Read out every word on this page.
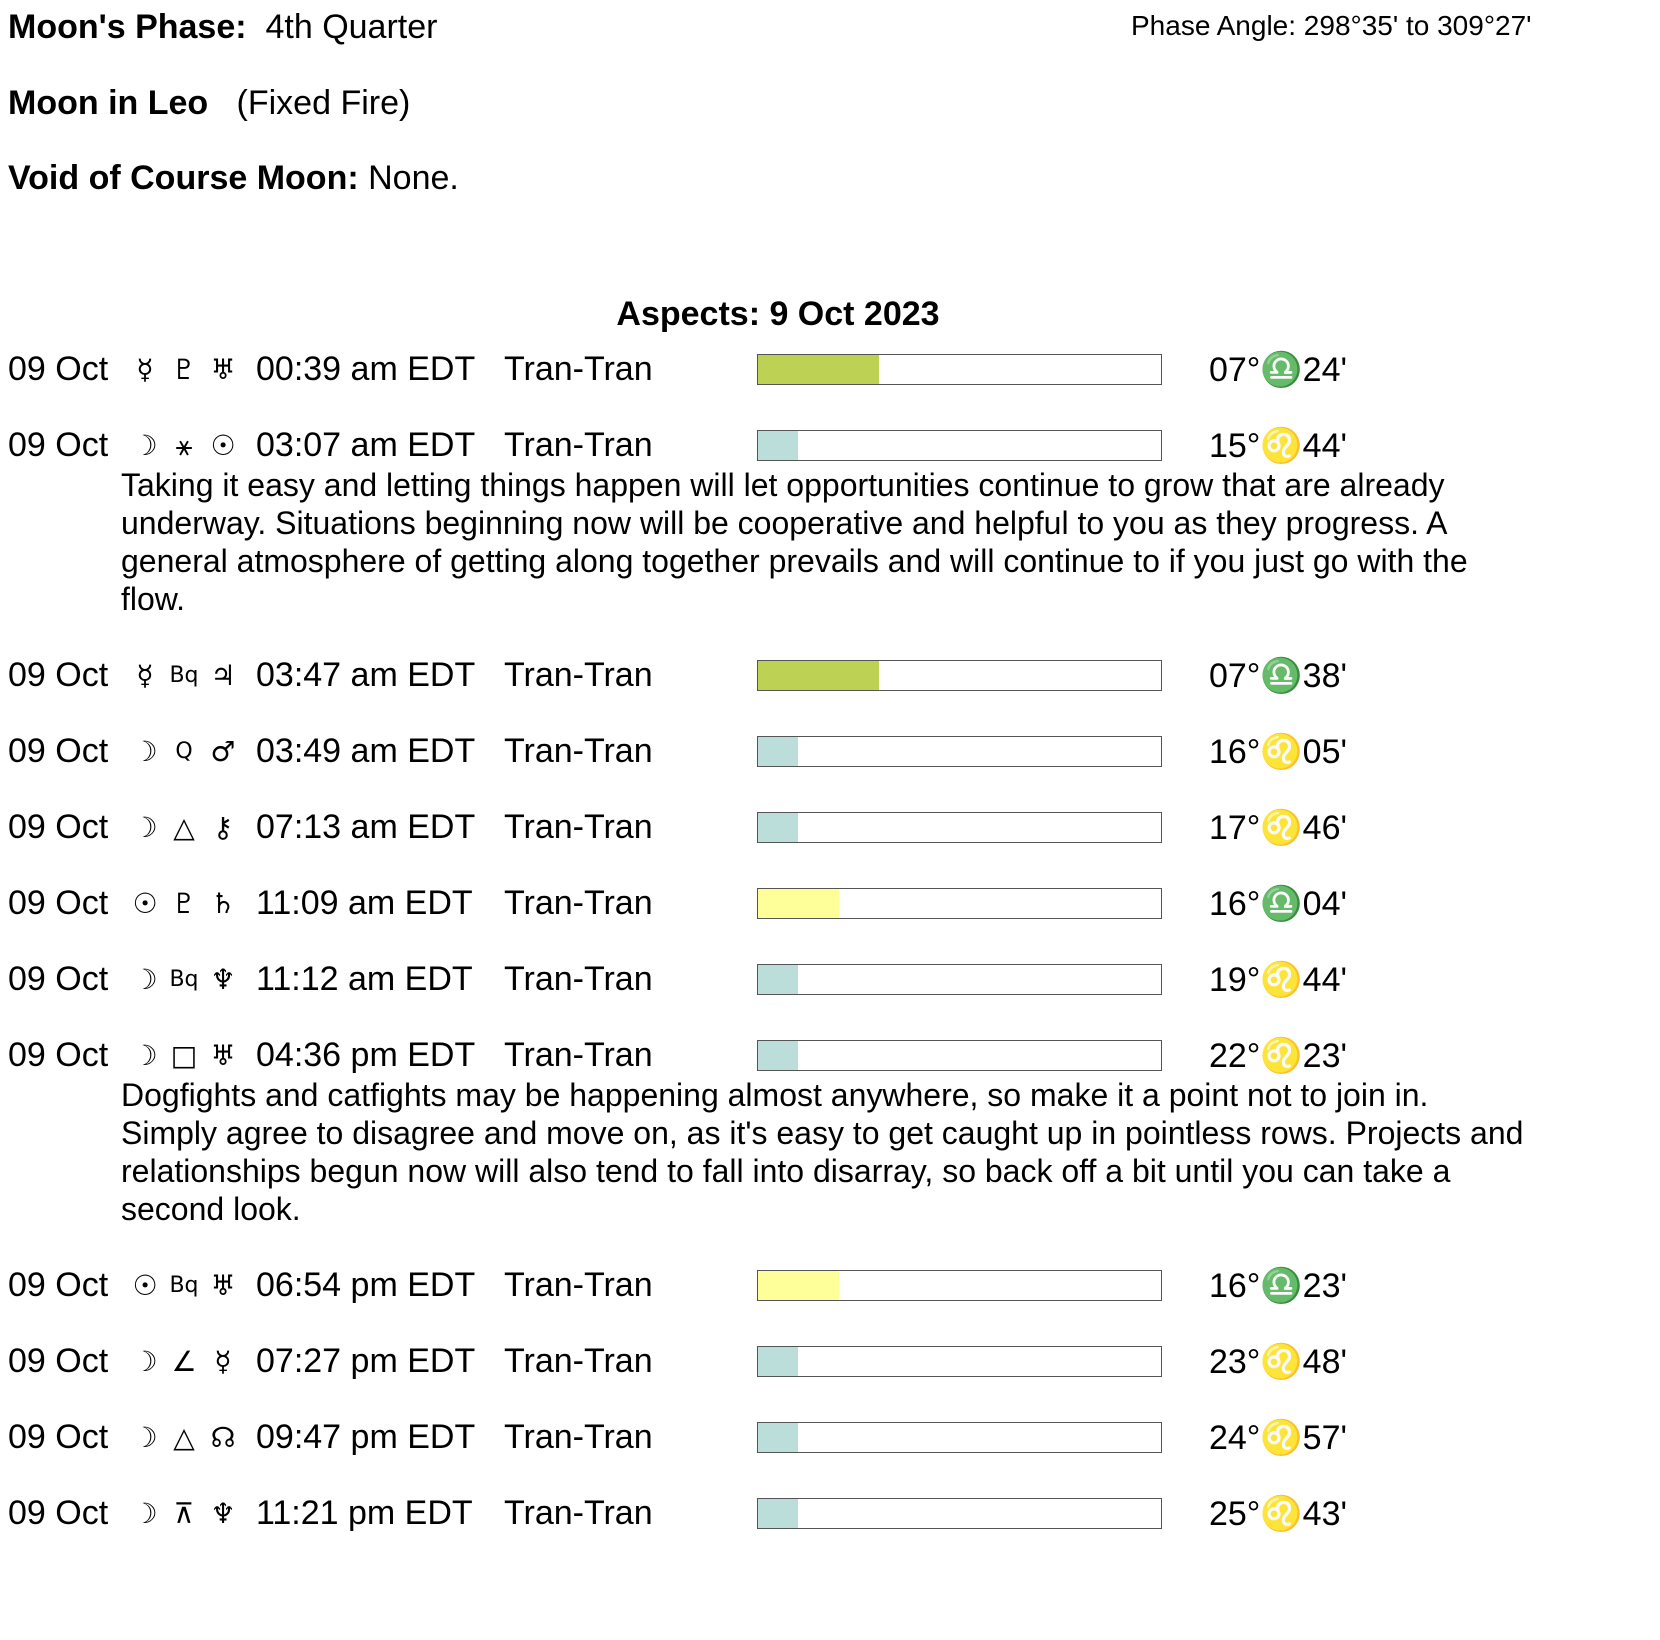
Moon's Phase: 4th Quarter	Phase Angle: 298°35' to 309°27'
Moon in Leo (Fixed Fire)
Void of Course Moon: None.
Aspects: 9 Oct 2023
09 Oct	☿ ♇ ♅ 00:39 am EDT Tran-Tran	07°♎24'
09 Oct ☽ ⚹ ☉ 03:07 am EDT Tran-Tran	15°♌44'
Taking it easy and letting things happen will let opportunities continue to grow that are already underway. Situations beginning now will be cooperative and helpful to you as they progress. A general atmosphere of getting along together prevails and will continue to if you just go with the flow.
09 Oct	☿ Bq ♃ 03:47 am EDT Tran-Tran	07°♎38'
09 Oct ☽ Q ♂ 03:49 am EDT Tran-Tran	16°♌05'
09 Oct ☽ △ ⚷ 07:13 am EDT Tran-Tran	17°♌46'
09 Oct ☉ ♇ ♄ 11:09 am EDT Tran-Tran	16°♎04'
09 Oct ☽ Bq ♆ 11:12 am EDT Tran-Tran	19°♌44'
09 Oct ☽ □ ♅ 04:36 pm EDT Tran-Tran	22°♌23'
Dogfights and catfights may be happening almost anywhere, so make it a point not to join in. Simply agree to disagree and move on, as it's easy to get caught up in pointless rows. Projects and relationships begun now will also tend to fall into disarray, so back off a bit until you can take a second look.
09 Oct ☉ Bq ♅ 06:54 pm EDT Tran-Tran	16°♎23'
09 Oct ☽ ∠ ☿ 07:27 pm EDT Tran-Tran	23°♌48'
09 Oct ☽ △ ☊ 09:47 pm EDT Tran-Tran	24°♌57'
09 Oct ☽ ⊼ ♆ 11:21 pm EDT Tran-Tran	25°♌43'
